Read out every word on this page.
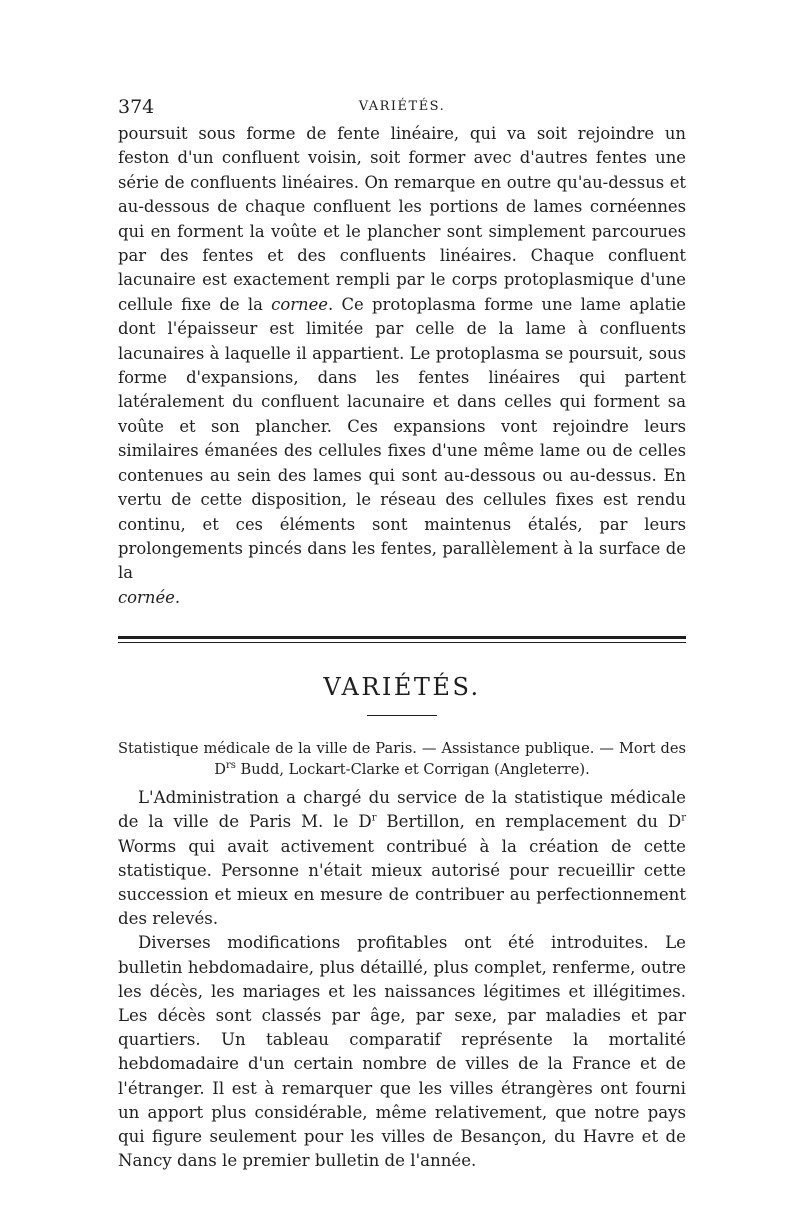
374	VARIÉTÉS.

poursuit sous forme de fente linéaire, qui va soit rejoindre un feston d'un confluent voisin, soit former avec d'autres fentes une série de confluents linéaires. On remarque en outre qu'au-dessus et au-dessous de chaque confluent les portions de lames cornéennes qui en forment la voûte et le plancher sont simplement parcourues par des fentes et des confluents linéaires. Chaque confluent lacunaire est exactement rempli par le corps protoplasmique d'une cellule fixe de la cornee. Ce protoplasma forme une lame aplatie dont l'épaisseur est limitée par celle de la lame à confluents lacunaires à laquelle il appartient. Le protoplasma se poursuit, sous forme d'expansions, dans les fentes linéaires qui partent latéralement du confluent lacunaire et dans celles qui forment sa voûte et son plancher. Ces expansions vont rejoindre leurs similaires émanées des cellules fixes d'une même lame ou de celles contenues au sein des lames qui sont au-dessous ou au-dessus. En vertu de cette disposition, le réseau des cellules fixes est rendu continu, et ces éléments sont maintenus étalés, par leurs prolongements pincés dans les fentes, parallèlement à la surface de la
cornée.

VARIÉTÉS.
Statistique médicale de la ville de Paris. — Assistance publique. — Mort des $D^{rs}$ Budd, Lockart-Clarke et Corrigan (Angleterre).

L'Administration a chargé du service de la statistique médicale de la ville de Paris M. le $D^r$ Bertillon, en remplacement du $D^r$ Worms qui avait activement contribué à la création de cette statistique. Personne n'était mieux autorisé pour recueillir cette succession et mieux en mesure de contribuer au perfectionnement des relevés.

Diverses modifications profitables ont été introduites. Le bulletin hebdomadaire, plus détaillé, plus complet, renferme, outre les décès, les mariages et les naissances légitimes et illégitimes. Les décès sont classés par âge, par sexe, par maladies et par quartiers. Un tableau comparatif représente la mortalité hebdomadaire d'un certain nombre de villes de la France et de l'étranger. Il est à remarquer que les villes étrangères ont fourni un apport plus considérable, même relativement, que notre pays qui figure seulement pour les villes de Besançon, du Havre et de Nancy dans le premier bulletin de l'année.
